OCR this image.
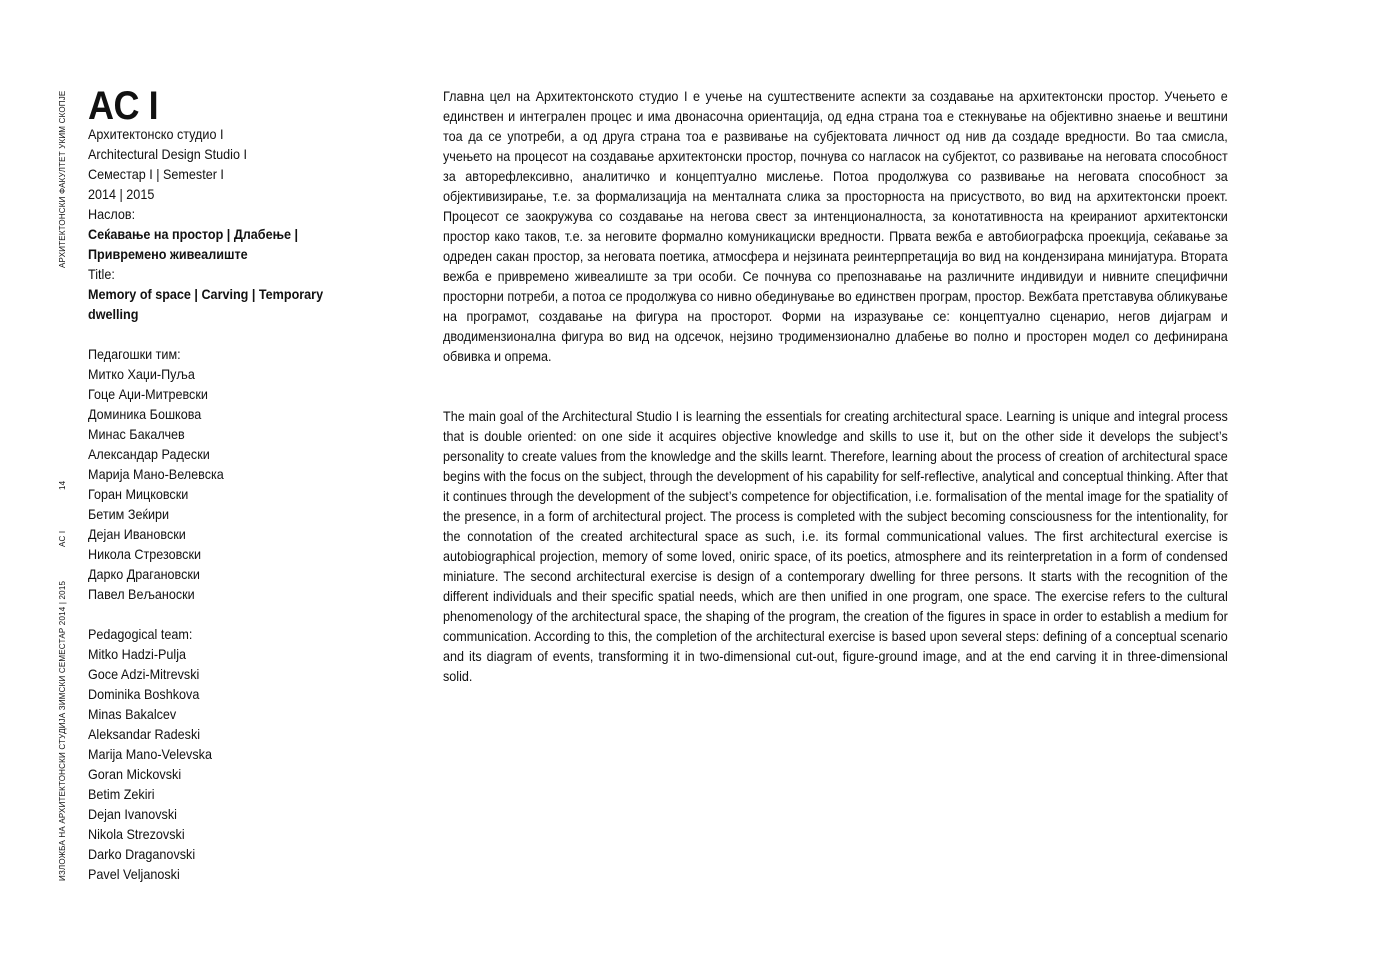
АРХИТЕКТОНСКИ ФАКУЛТЕТ УКИМ СКОПЈЕ
14
AC I
ИЗЛОЖБА НА АРХИТЕКТОНСКИ СТУДИЈА ЗИМСКИ СЕМЕСТАР 2014 | 2015
AC I
Архитектонско студио I
Architectural Design Studio I
Семестар I | Semester I
2014 | 2015
Наслов:
Сеќавање на простор | Длабење | Привремено живеалиште
Title:
Memory of space | Carving | Temporary dwelling
Педагошки тим:
Митко Хаџи-Пуља
Гоце Аџи-Митревски
Доминика Бошкова
Минас Бакалчев
Александар Радески
Марија Мано-Велевска
Горан Мицковски
Бетим Зеќири
Дејан Ивановски
Никола Стрезовски
Дарко Драгановски
Павел Вељаноски
Pedagogical team:
Mitko Hadzi-Pulja
Goce Adzi-Mitrevski
Dominika Boshkova
Minas Bakalcev
Aleksandar Radeski
Marija Mano-Velevska
Goran Mickovski
Betim Zekiri
Dejan Ivanovski
Nikola Strezovski
Darko Draganovski
Pavel Veljanoski

Главна цел на Архитектонското студио I е учење на суштествените аспекти за создавање на архитектонски простор. Учењето е единствен и интегрален процес и има двонасочна ориентација, од една страна тоа е стекнување на објективно знаење и вештини тоа да се употреби, а од друга страна тоа е развивање на субјектовата личност од нив да создаде вредности. Во таа смисла, учењето на процесот на создавање архитектонски простор, почнува со нагласок на субјектот, со развивање на неговата способност за авторефлексивно, аналитичко и концептуално мислење. Потоа продолжува со развивање на неговата способност за објективизирање, т.е. за формализација на менталната слика за просторноста на присуството, во вид на архитектонски проект. Процесот се заокружува со создавање на негова свест за интенционалноста, за конотативноста на креираниот архитектонски простор како таков, т.е. за неговите формално комуникациски вредности. Првата вежба е автобиографска проекција, сеќавање за одреден сакан простор, за неговата поетика, атмосфера и нејзината реинтерпретација во вид на кондензирана минијатура. Втората вежба е привремено живеалиште за три особи. Се почнува со препознавање на различните индивидуи и нивните специфични просторни потреби, а потоа се продолжува со нивно обединување во единствен програм, простор. Вежбата претставува обликување на програмот, создавање на фигура на просторот. Форми на изразување се: концептуално сценарио, негов дијаграм и дводимензионална фигура во вид на одсечок, нејзино тродимензионално длабење во полно и просторен модел со дефинирана обвивка и опрема.

The main goal of the Architectural Studio I is learning the essentials for creating architectural space. Learning is unique and integral process that is double oriented: on one side it acquires objective knowledge and skills to use it, but on the other side it develops the subject’s personality to create values from the knowledge and the skills learnt. Therefore, learning about the process of creation of architectural space begins with the focus on the subject, through the development of his capability for self-reflective, analytical and conceptual thinking. After that it continues through the development of the subject’s competence for objectification, i.e. formalisation of the mental image for the spatiality of the presence, in a form of architectural project. The process is completed with the subject becoming consciousness for the intentionality, for the connotation of the created architectural space as such, i.e. its formal communicational values. The first architectural exercise is autobiographical projection, memory of some loved, oniric space, of its poetics, atmosphere and its reinterpretation in a form of condensed miniature. The second architectural exercise is design of a contemporary dwelling for three persons. It starts with the recognition of the different individuals and their specific spatial needs, which are then unified in one program, one space. The exercise refers to the cultural phenomenology of the architectural space, the shaping of the program, the creation of the figures in space in order to establish a medium for communication. According to this, the completion of the architectural exercise is based upon several steps: defining of a conceptual scenario and its diagram of events, transforming it in two-dimensional cut-out, figure-ground image, and at the end carving it in three-dimensional solid.
